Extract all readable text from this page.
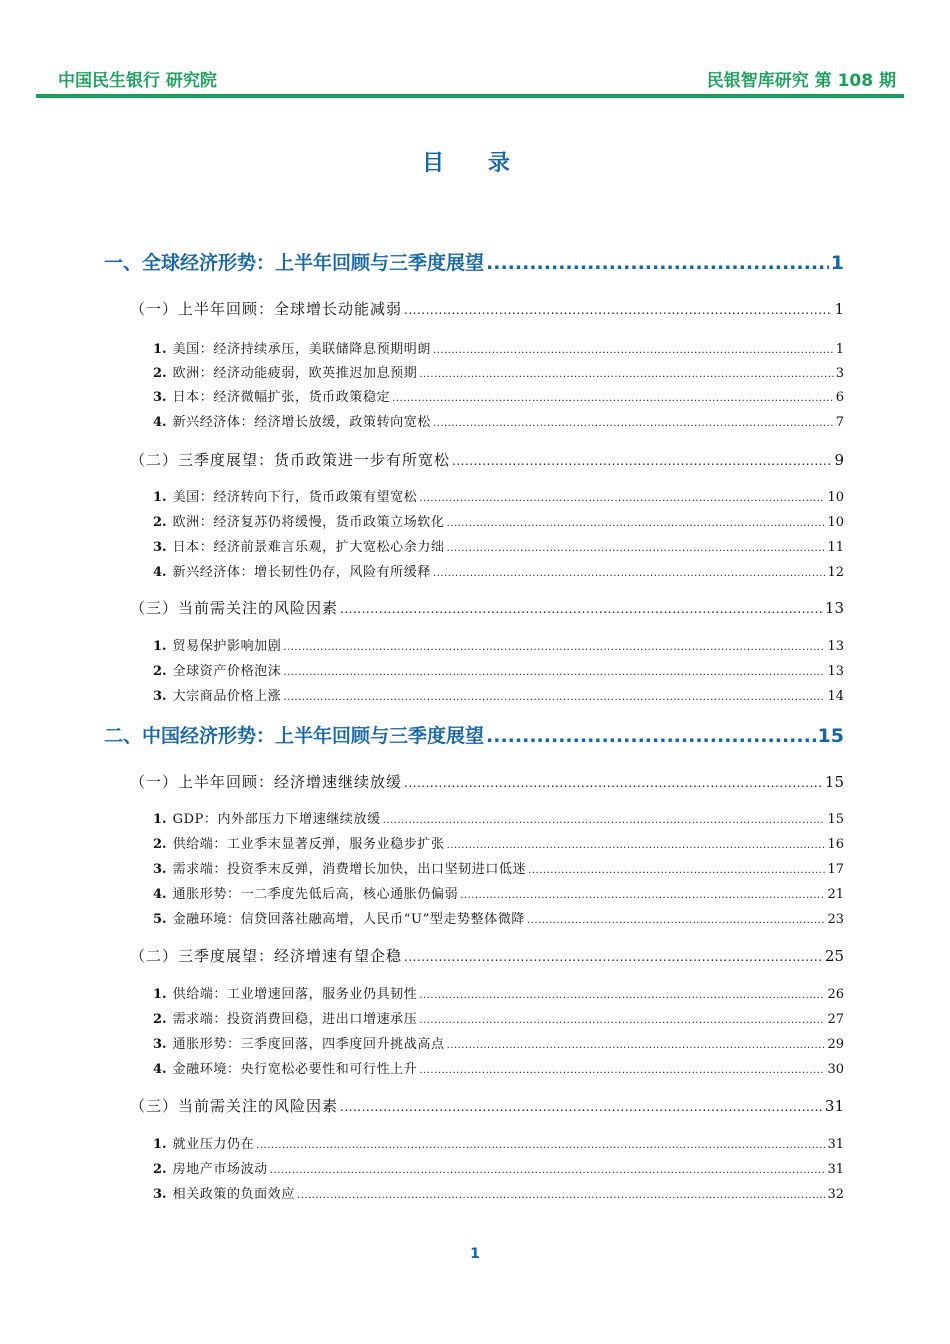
中国民生银行 研究院	民银智库研究 第 108 期
目 录
一、全球经济形势：上半年回顾与三季度展望 .....	1
（一）上半年回顾：全球增长动能减弱 .....	1
1. 美国：经济持续承压，美联储降息预期明朗 .....	1
2. 欧洲：经济动能疲弱，欧英推迟加息预期 .....	3
3. 日本：经济微幅扩张，货币政策稳定 .....	6
4. 新兴经济体：经济增长放缓，政策转向宽松 .....	7
（二）三季度展望：货币政策进一步有所宽松 .....	9
1. 美国：经济转向下行，货币政策有望宽松 .....	10
2. 欧洲：经济复苏仍将缓慢，货币政策立场软化 .....	10
3. 日本：经济前景难言乐观，扩大宽松心余力绌 .....	11
4. 新兴经济体：增长韧性仍存，风险有所缓释 .....	12
（三）当前需关注的风险因素 .....	13
1. 贸易保护影响加剧 .....	13
2. 全球资产价格泡沫 .....	13
3. 大宗商品价格上涨 .....	14
二、中国经济形势：上半年回顾与三季度展望 .....	15
（一）上半年回顾：经济增速继续放缓 .....	15
1. GDP：内外部压力下增速继续放缓 .....	15
2. 供给端：工业季末显著反弹，服务业稳步扩张 .....	16
3. 需求端：投资季末反弹，消费增长加快，出口坚韧进口低迷 .....	17
4. 通胀形势：一二季度先低后高，核心通胀仍偏弱 .....	21
5. 金融环境：信贷回落社融高增，人民币“U”型走势整体微降 .....	23
（二）三季度展望：经济增速有望企稳 .....	25
1. 供给端：工业增速回落，服务业仍具韧性 .....	26
2. 需求端：投资消费回稳，进出口增速承压 .....	27
3. 通胀形势：三季度回落，四季度回升挑战高点 .....	29
4. 金融环境：央行宽松必要性和可行性上升 .....	30
（三）当前需关注的风险因素 .....	31
1. 就业压力仍在 .....	31
2. 房地产市场波动 .....	31
3. 相关政策的负面效应 .....	32
1
